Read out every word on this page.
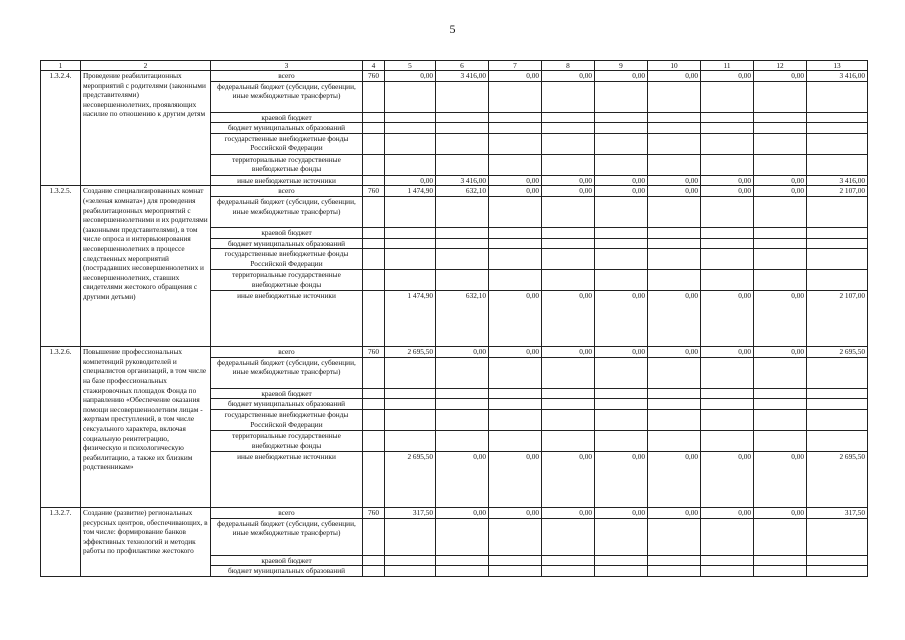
5
1	2	3	4	5	6	7	8	9	10	11	12	13
1.3.2.4.	Проведение реабилитационных мероприятий с родителями (законными представителями) несовершеннолетних, проявляющих насилие по отношению к другим детям	всего	760	0,00	3 416,00	0,00	0,00	0,00	0,00	0,00	0,00	3 416,00
		федеральный бюджет (субсидии, субвенции, иные межбюджетные трансферты)										
		краевой бюджет										
		бюджет муниципальных образований										
		государственные внебюджетные фонды Российской Федерации										
		территориальные государственные внебюджетные фонды										
		иные внебюджетные источники		0,00	3 416,00	0,00	0,00	0,00	0,00	0,00	0,00	3 416,00
1.3.2.5.	Создание специализированных комнат («зеленая комната») для проведения реабилитационных мероприятий с несовершеннолетними и их родителями (законными представителями), в том числе опроса и интервьюирования несовершеннолетних в процессе следственных мероприятий (пострадавших несовершеннолетних и несовершеннолетних, ставших свидетелями жестокого обращения с другими детьми)	всего	760	1 474,90	632,10	0,00	0,00	0,00	0,00	0,00	0,00	2 107,00
		федеральный бюджет (субсидии, субвенции, иные межбюджетные трансферты)										
		краевой бюджет										
		бюджет муниципальных образований										
		государственные внебюджетные фонды Российской Федерации										
		территориальные государственные внебюджетные фонды										
		иные внебюджетные источники		1 474,90	632,10	0,00	0,00	0,00	0,00	0,00	0,00	2 107,00
1.3.2.6.	Повышение профессиональных компетенций руководителей и специалистов организаций, в том числе на базе профессиональных стажировочных площадок Фонда по направлению «Обеспечение оказания помощи несовершеннолетним лицам - жертвам преступлений, в том числе сексуального характера, включая социальную реинтеграцию, физическую и психологическую реабилитацию, а также их близким родственникам»	всего	760	2 695,50	0,00	0,00	0,00	0,00	0,00	0,00	0,00	2 695,50
		федеральный бюджет (субсидии, субвенции, иные межбюджетные трансферты)										
		краевой бюджет										
		бюджет муниципальных образований										
		государственные внебюджетные фонды Российской Федерации										
		территориальные государственные внебюджетные фонды										
		иные внебюджетные источники		2 695,50	0,00	0,00	0,00	0,00	0,00	0,00	0,00	2 695,50
1.3.2.7.	Создание (развитие) региональных ресурсных центров, обеспечивающих, в том числе: формирование банков эффективных технологий и методик работы по профилактике жестокого	всего	760	317,50	0,00	0,00	0,00	0,00	0,00	0,00	0,00	317,50
		федеральный бюджет (субсидии, субвенции, иные межбюджетные трансферты)										
		краевой бюджет										
		бюджет муниципальных образований										
